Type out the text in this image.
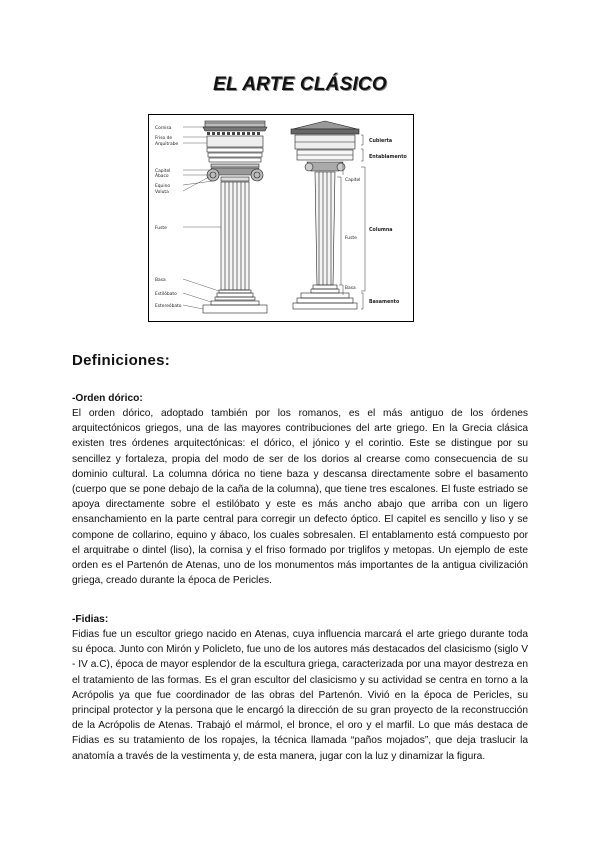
EL ARTE CLÁSICO
Cornisa
Friso de
Arquitrabe
Capitel
Ábaco
Equino
Voluta
Fuste
Basa
Estilóbato
Estereóbato
Cubierta
Entablamento
Capitel
Fuste
Columna
Basa
Basamento
Definiciones:
-Orden dórico:

El orden dórico, adoptado también por los romanos, es el más antiguo de los órdenes arquitectónicos griegos, una de las mayores contribuciones del arte griego. En la Grecia clásica existen tres órdenes arquitectónicas: el dórico, el jónico y el corintio. Este se distingue por su sencillez y fortaleza, propia del modo de ser de los dorios al crearse como consecuencia de su dominio cultural. La columna dórica no tiene baza y descansa directamente sobre el basamento (cuerpo que se pone debajo de la caña de la columna), que tiene tres escalones. El fuste estriado se apoya directamente sobre el estilóbato y este es más ancho abajo que arriba con un ligero ensanchamiento en la parte central para corregir un defecto óptico. El capitel es sencillo y liso y se compone de collarino, equino y ábaco, los cuales sobresalen. El entablamento está compuesto por el arquitrabe o dintel (liso), la cornisa y el friso formado por triglifos y metopas. Un ejemplo de este orden es el Partenón de Atenas, uno de los monumentos más importantes de la antigua civilización griega, creado durante la época de Pericles.

-Fidias:

Fidias fue un escultor griego nacido en Atenas, cuya influencia marcará el arte griego durante toda su época. Junto con Mirón y Policleto, fue uno de los autores más destacados del clasicismo (siglo V - IV a.C), época de mayor esplendor de la escultura griega, caracterizada por una mayor destreza en el tratamiento de las formas. Es el gran escultor del clasicismo y su actividad se centra en torno a la Acrópolis ya que fue coordinador de las obras del Partenón. Vivió en la época de Pericles, su principal protector y la persona que le encargó la dirección de su gran proyecto de la reconstrucción de la Acrópolis de Atenas. Trabajó el mármol, el bronce, el oro y el marfil. Lo que más destaca de Fidias es su tratamiento de los ropajes, la técnica llamada “paños mojados”, que deja traslucir la anatomía a través de la vestimenta y, de esta manera, jugar con la luz y dinamizar la figura.
